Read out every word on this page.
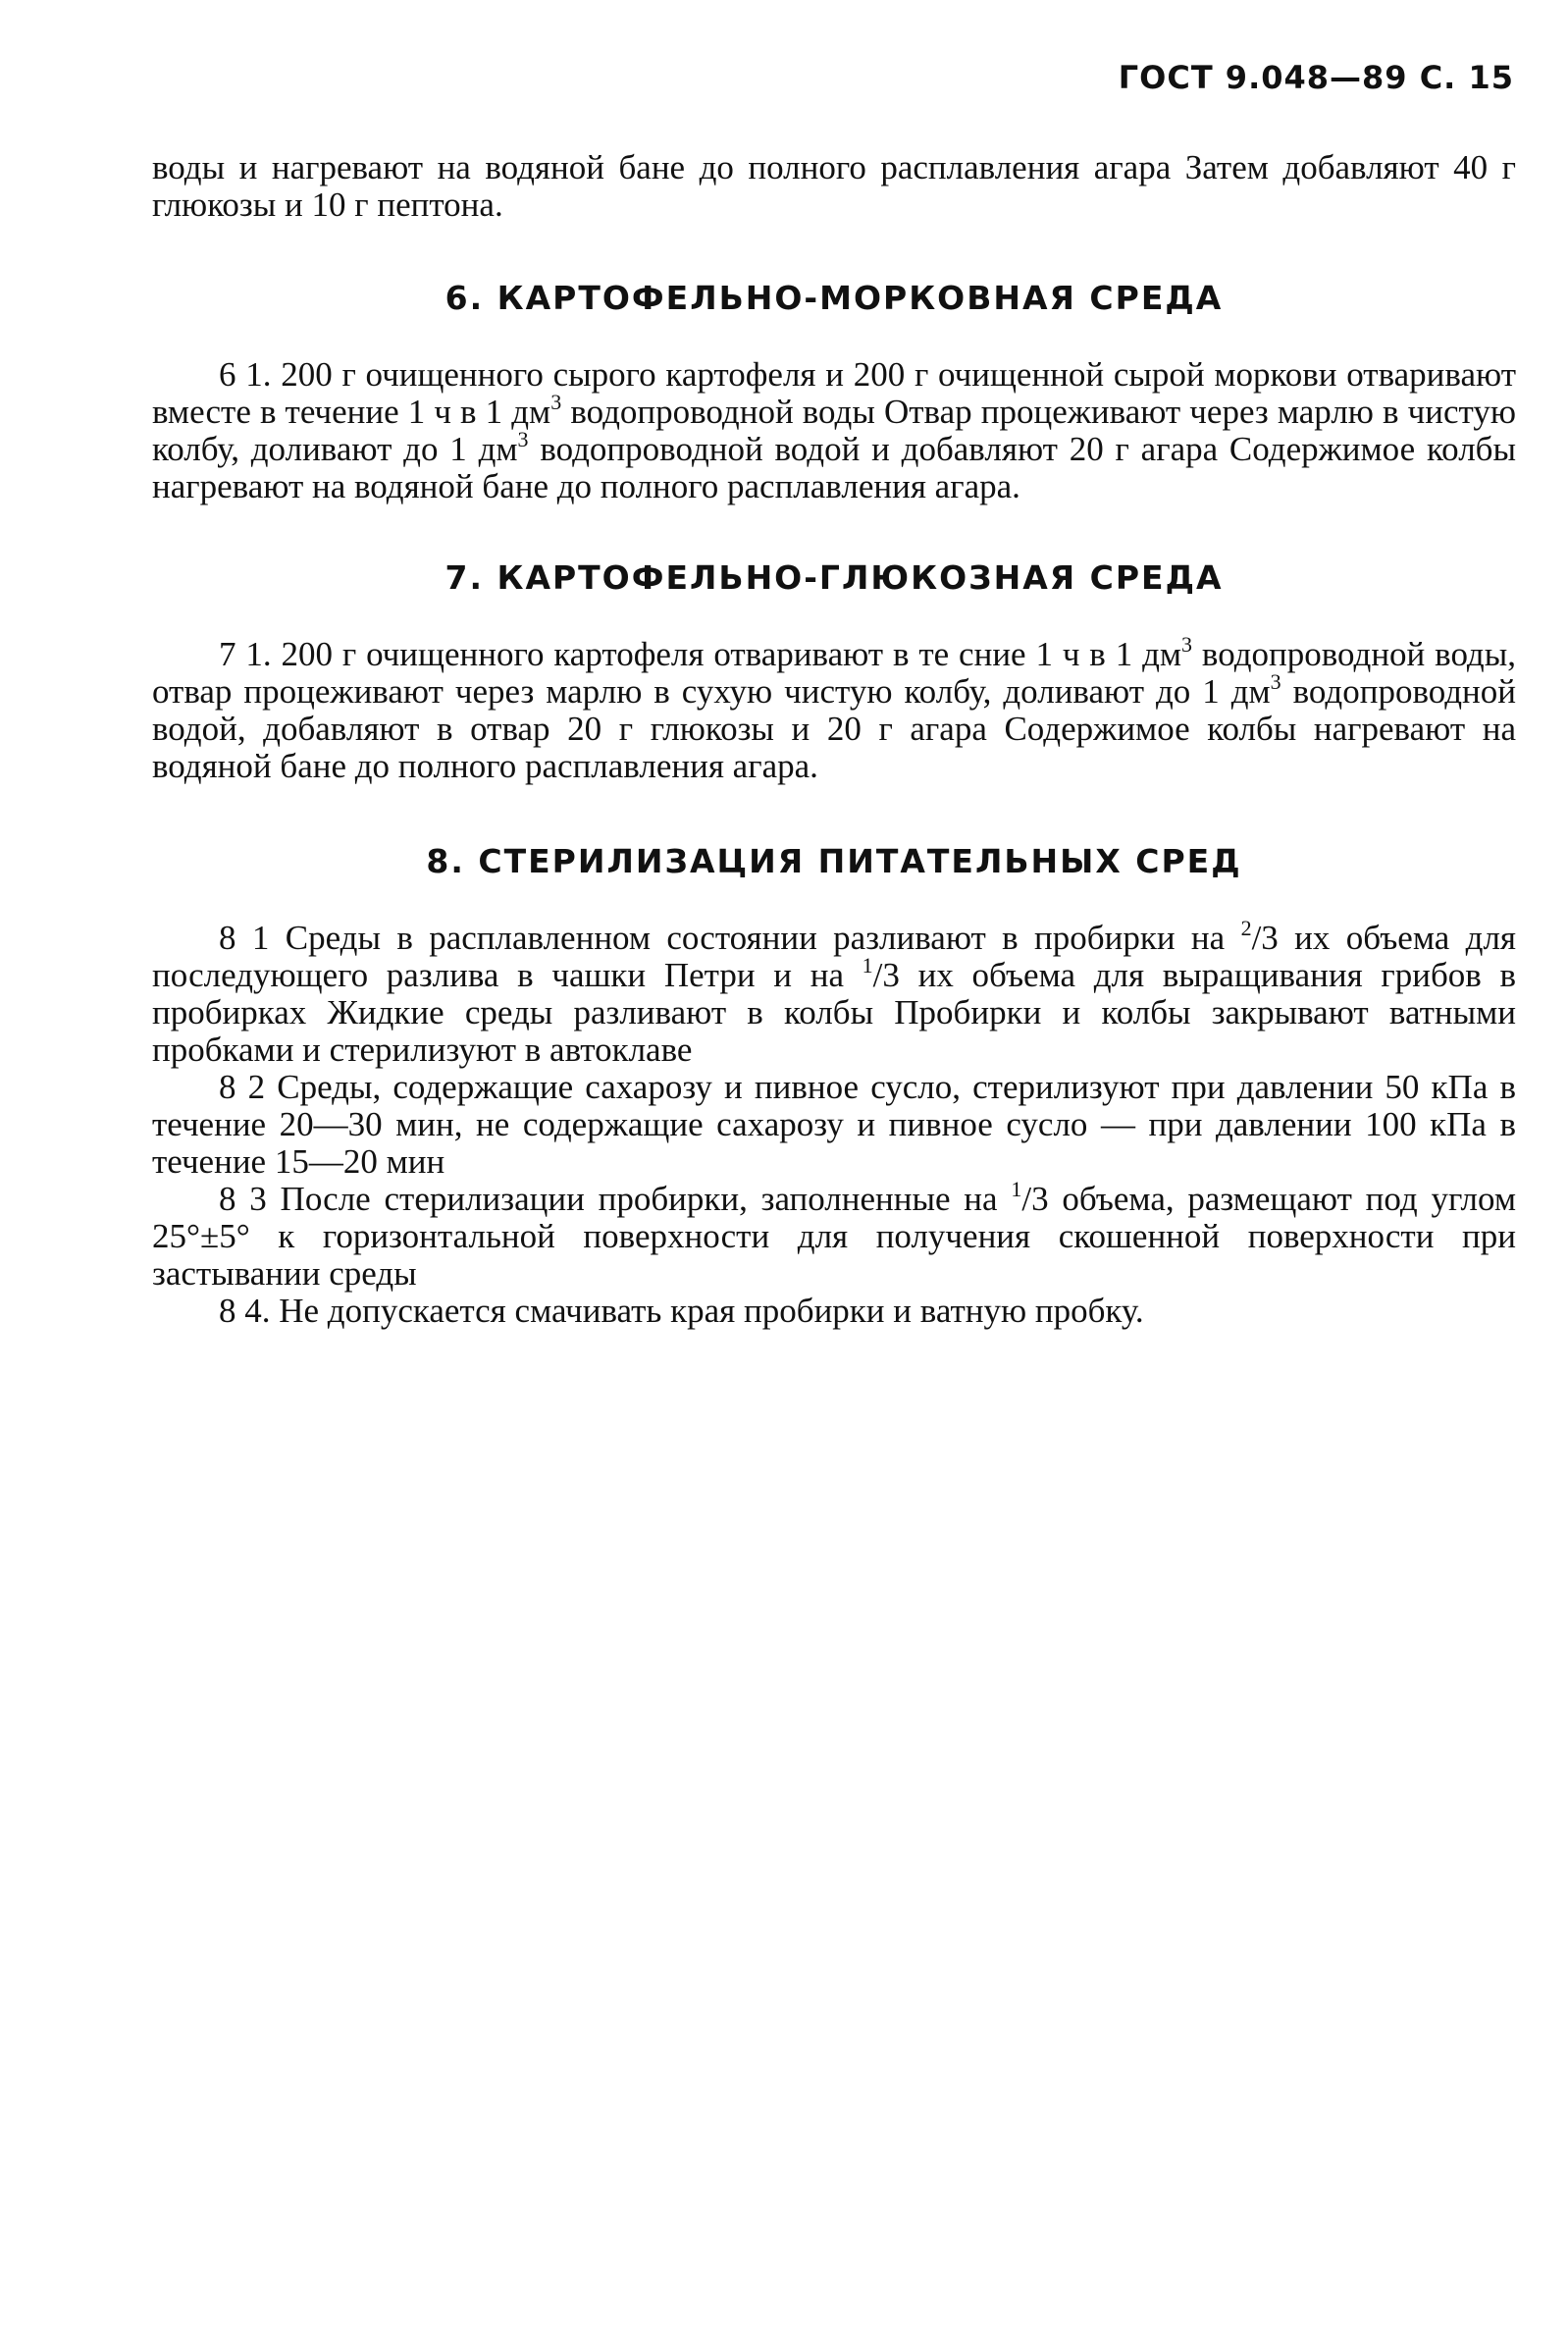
ГОСТ 9.048—89 С. 15

воды и нагревают на водяной бане до полного расплавления агара Затем добавляют 40 г глюкозы и 10 г пептона.

6. КАРТОФЕЛЬНО-МОРКОВНАЯ СРЕДА

6 1. 200 г очищенного сырого картофеля и 200 г очищенной сырой моркови отваривают вместе в течение 1 ч в 1 $дм^3$ водопроводной воды Отвар процеживают через марлю в чистую колбу, доливают до 1 $дм^3$ водопроводной водой и добавляют 20 г агара Содержимое колбы нагревают на водяной бане до полного расплавления агара.

7. КАРТОФЕЛЬНО-ГЛЮКОЗНАЯ СРЕДА

7 1. 200 г очищенного картофеля отваривают в те сние 1 ч в 1 $дм^3$ водопроводной воды, отвар процеживают через марлю в сухую чистую колбу, доливают до 1 $дм^3$ водопроводной водой, добавляют в отвар 20 г глюкозы и 20 г агара Содержимое колбы нагревают на водяной бане до полного расплавления агара.

8. СТЕРИЛИЗАЦИЯ ПИТАТЕЛЬНЫХ СРЕД

8 1 Среды в расплавленном состоянии разливают в пробирки на $^2$/3 их объема для последующего разлива в чашки Петри и на $^1$/3 их объема для выращивания грибов в пробирках Жидкие среды разливают в колбы Пробирки и колбы закрывают ватными пробками и стерилизуют в автоклаве

8 2 Среды, содержащие сахарозу и пивное сусло, стерилизуют при давлении 50 кПа в течение 20—30 мин, не содержащие сахарозу и пивное сусло — при давлении 100 кПа в течение 15—20 мин

8 3 После стерилизации пробирки, заполненные на $^1$/3 объема, размещают под углом 25°±5° к горизонтальной поверхности для получения скошенной поверхности при застывании среды

8 4. Не допускается смачивать края пробирки и ватную пробку.
